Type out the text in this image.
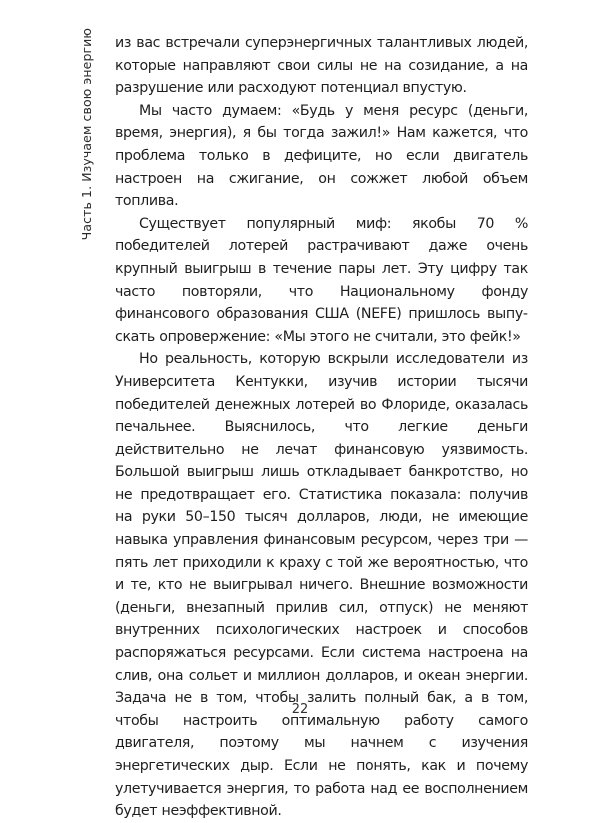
Часть 1. Изучаем свою энергию из вас встречали суперэнергичных талантливых людей, которые направляют свои силы не на созидание, а на разрушение или расходуют потенциал впустую.

Мы часто думаем: «Будь у меня ресурс (деньги, время, энергия), я бы тогда зажил!» Нам кажется, что проблема только в дефиците, но если двигатель настроен на сжигание, он сожжет любой объем топлива.

Существует популярный миф: якобы 70 % победителей лотерей растрачивают даже очень крупный выигрыш в течение пары лет. Эту цифру так часто повторяли, что Национальному фонду финансового образования США (NEFE) пришлось выпускать опровержение: «Мы этого не считали, это фейк!»

Но реальность, которую вскрыли исследователи из Университета Кентукки, изучив истории тысячи победителей денежных лотерей во Флориде, оказалась печальнее. Выяснилось, что легкие деньги действительно не лечат финансовую уязвимость. Большой выигрыш лишь откладывает банкротство, но не предотвращает его. Статистика показала: получив на руки 50–150 тысяч долларов, люди, не имеющие навыка управления финансовым ресурсом, через три — пять лет приходили к краху с той же вероятностью, что и те, кто не выигрывал ничего. Внешние возможности (деньги, внезапный прилив сил, отпуск) не меняют внутренних психологических настроек и способов распоряжаться ресурсами. Если система настроена на слив, она сольет и миллион долларов, и океан энергии. Задача не в том, чтобы залить полный бак, а в том, чтобы настроить оптимальную работу самого двигателя, поэтому мы начнем с изучения энергетических дыр. Если не понять, как и почему улетучивается энергия, то работа над ее восполнением будет неэффективной.

22
